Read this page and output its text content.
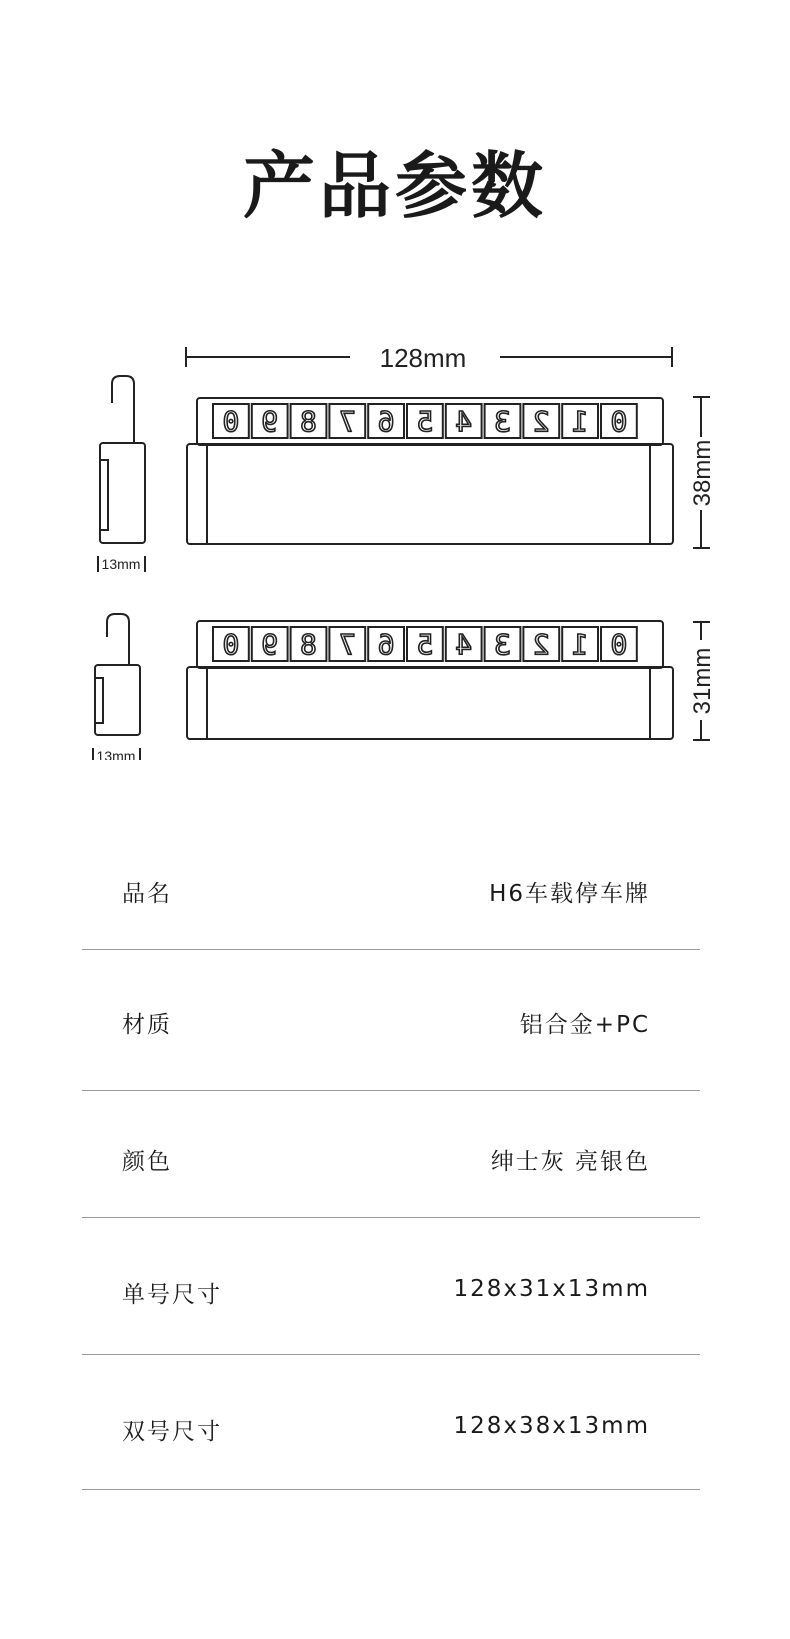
产品参数
0 9 8 7 6 5 4 3 2 1 0
0 9 8 7 6 5 4 3 2 1 0
128mm
38mm
31mm
13mm
13mm
品名	H6车载停车牌
材质	铝合金+PC
颜色	绅士灰 亮银色
单号尺寸	128x31x13mm
双号尺寸	128x38x13mm
